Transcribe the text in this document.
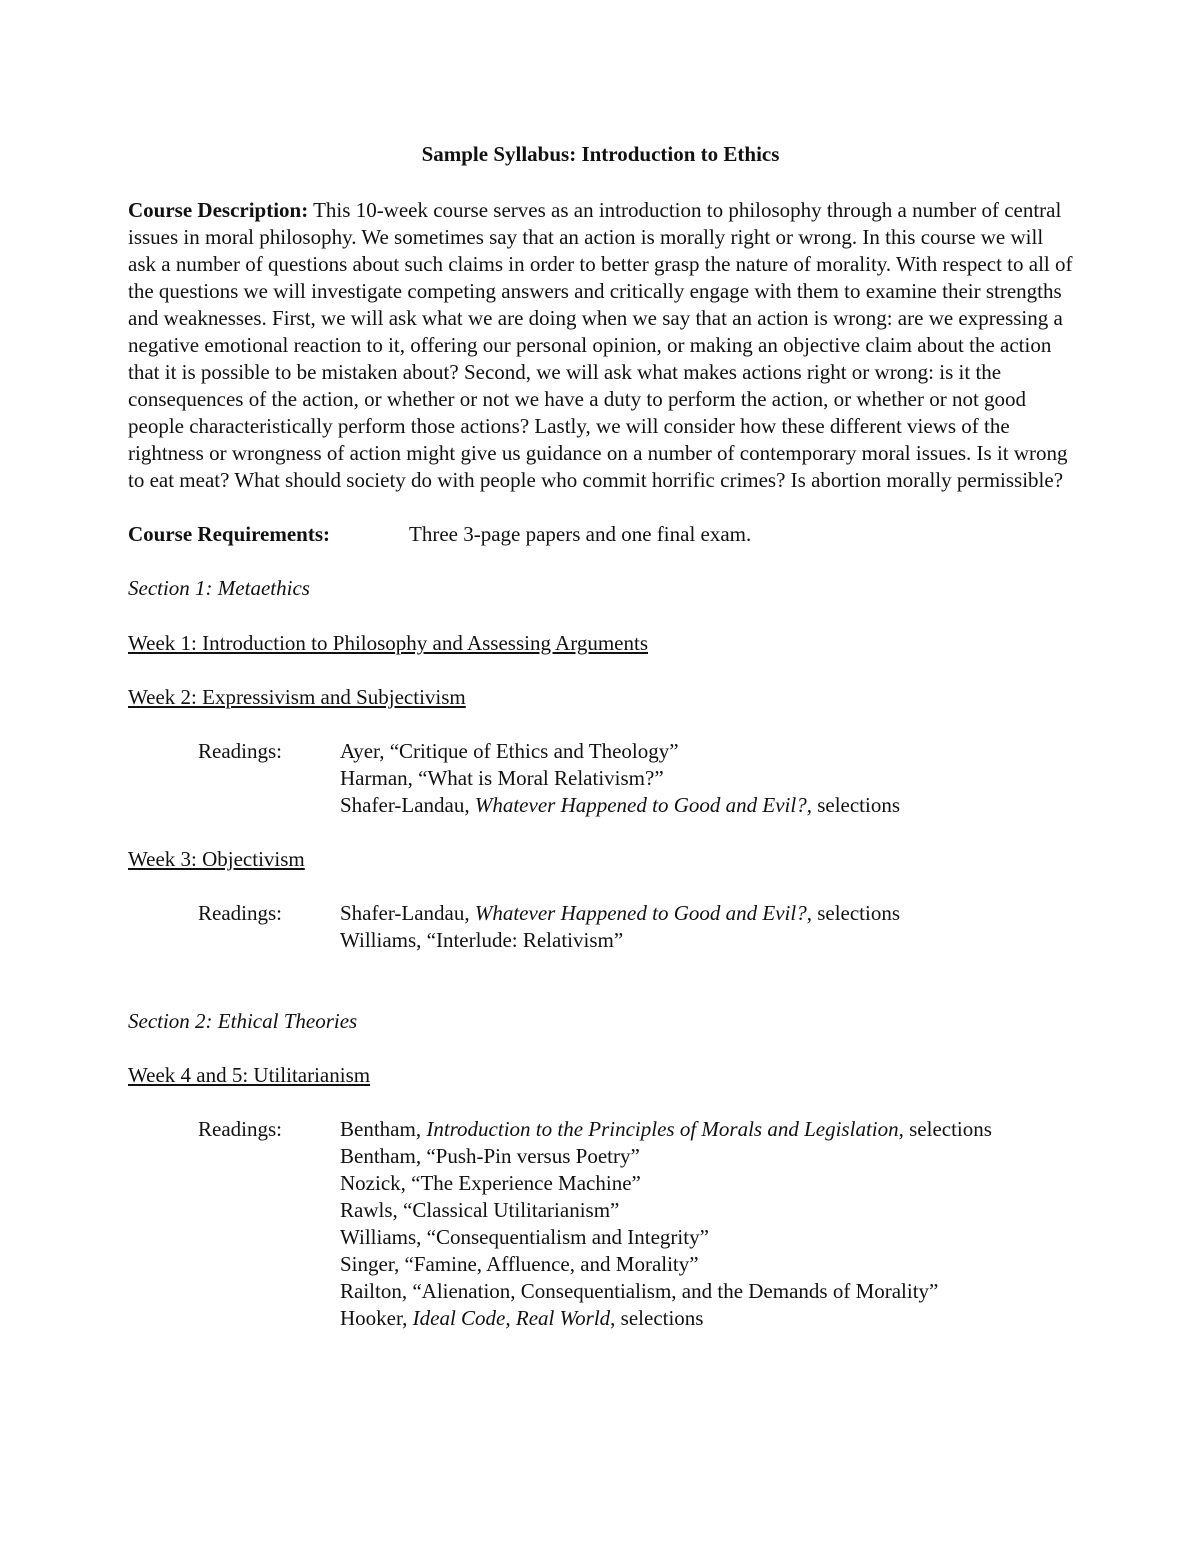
Sample Syllabus: Introduction to Ethics
Course Description: This 10-week course serves as an introduction to philosophy through a number of central issues in moral philosophy. We sometimes say that an action is morally right or wrong. In this course we will ask a number of questions about such claims in order to better grasp the nature of morality. With respect to all of the questions we will investigate competing answers and critically engage with them to examine their strengths and weaknesses. First, we will ask what we are doing when we say that an action is wrong: are we expressing a negative emotional reaction to it, offering our personal opinion, or making an objective claim about the action that it is possible to be mistaken about? Second, we will ask what makes actions right or wrong: is it the consequences of the action, or whether or not we have a duty to perform the action, or whether or not good people characteristically perform those actions? Lastly, we will consider how these different views of the rightness or wrongness of action might give us guidance on a number of contemporary moral issues. Is it wrong to eat meat? What should society do with people who commit horrific crimes? Is abortion morally permissible?
Course Requirements:	Three 3-page papers and one final exam.
Section 1: Metaethics
Week 1: Introduction to Philosophy and Assessing Arguments
Week 2: Expressivism and Subjectivism
Readings:	Ayer, “Critique of Ethics and Theology”
Harman, “What is Moral Relativism?”
Shafer-Landau, Whatever Happened to Good and Evil?, selections
Week 3: Objectivism
Readings:	Shafer-Landau, Whatever Happened to Good and Evil?, selections
Williams, “Interlude: Relativism”
Section 2: Ethical Theories
Week 4 and 5: Utilitarianism
Readings:	Bentham, Introduction to the Principles of Morals and Legislation, selections
Bentham, “Push-Pin versus Poetry”
Nozick, “The Experience Machine”
Rawls, “Classical Utilitarianism”
Williams, “Consequentialism and Integrity”
Singer, “Famine, Affluence, and Morality”
Railton, “Alienation, Consequentialism, and the Demands of Morality”
Hooker, Ideal Code, Real World, selections
